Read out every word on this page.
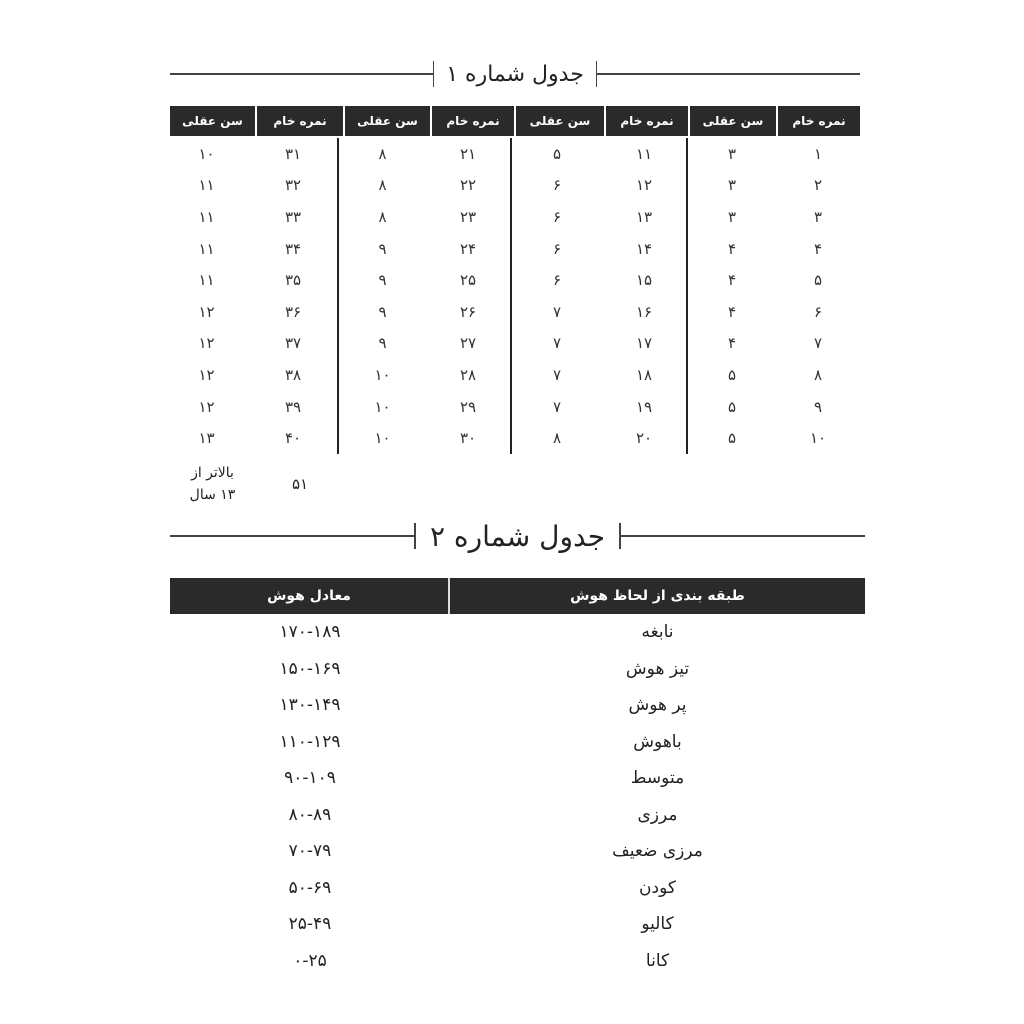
جدول شماره ۱
نمره خام
سن عقلی
نمره خام
سن عقلی
نمره خام
سن عقلی
نمره خام
سن عقلی
۱
۳
۲
۳
۳
۳
۴
۴
۵
۴
۶
۴
۷
۴
۸
۵
۹
۵
۱۰
۵
۱۱
۵
۱۲
۶
۱۳
۶
۱۴
۶
۱۵
۶
۱۶
۷
۱۷
۷
۱۸
۷
۱۹
۷
۲۰
۸
۲۱
۸
۲۲
۸
۲۳
۸
۲۴
۹
۲۵
۹
۲۶
۹
۲۷
۹
۲۸
۱۰
۲۹
۱۰
۳۰
۱۰
۳۱
۱۰
۳۲
۱۱
۳۳
۱۱
۳۴
۱۱
۳۵
۱۱
۳۶
۱۲
۳۷
۱۲
۳۸
۱۲
۳۹
۱۲
۴۰
۱۳
۵۱
بالاتر از
۱۳ سال
جدول شماره ۲
طبقه بندی از لحاظ هوش
معادل هوش
نابغه
۱۷۰-۱۸۹
تیز هوش
۱۵۰-۱۶۹
پر هوش
۱۳۰-۱۴۹
باهوش
۱۱۰-۱۲۹
متوسط
۹۰-۱۰۹
مرزی
۸۰-۸۹
مرزی ضعیف
۷۰-۷۹
کودن
۵۰-۶۹
کالیو
۲۵-۴۹
کانا
۰-۲۵
